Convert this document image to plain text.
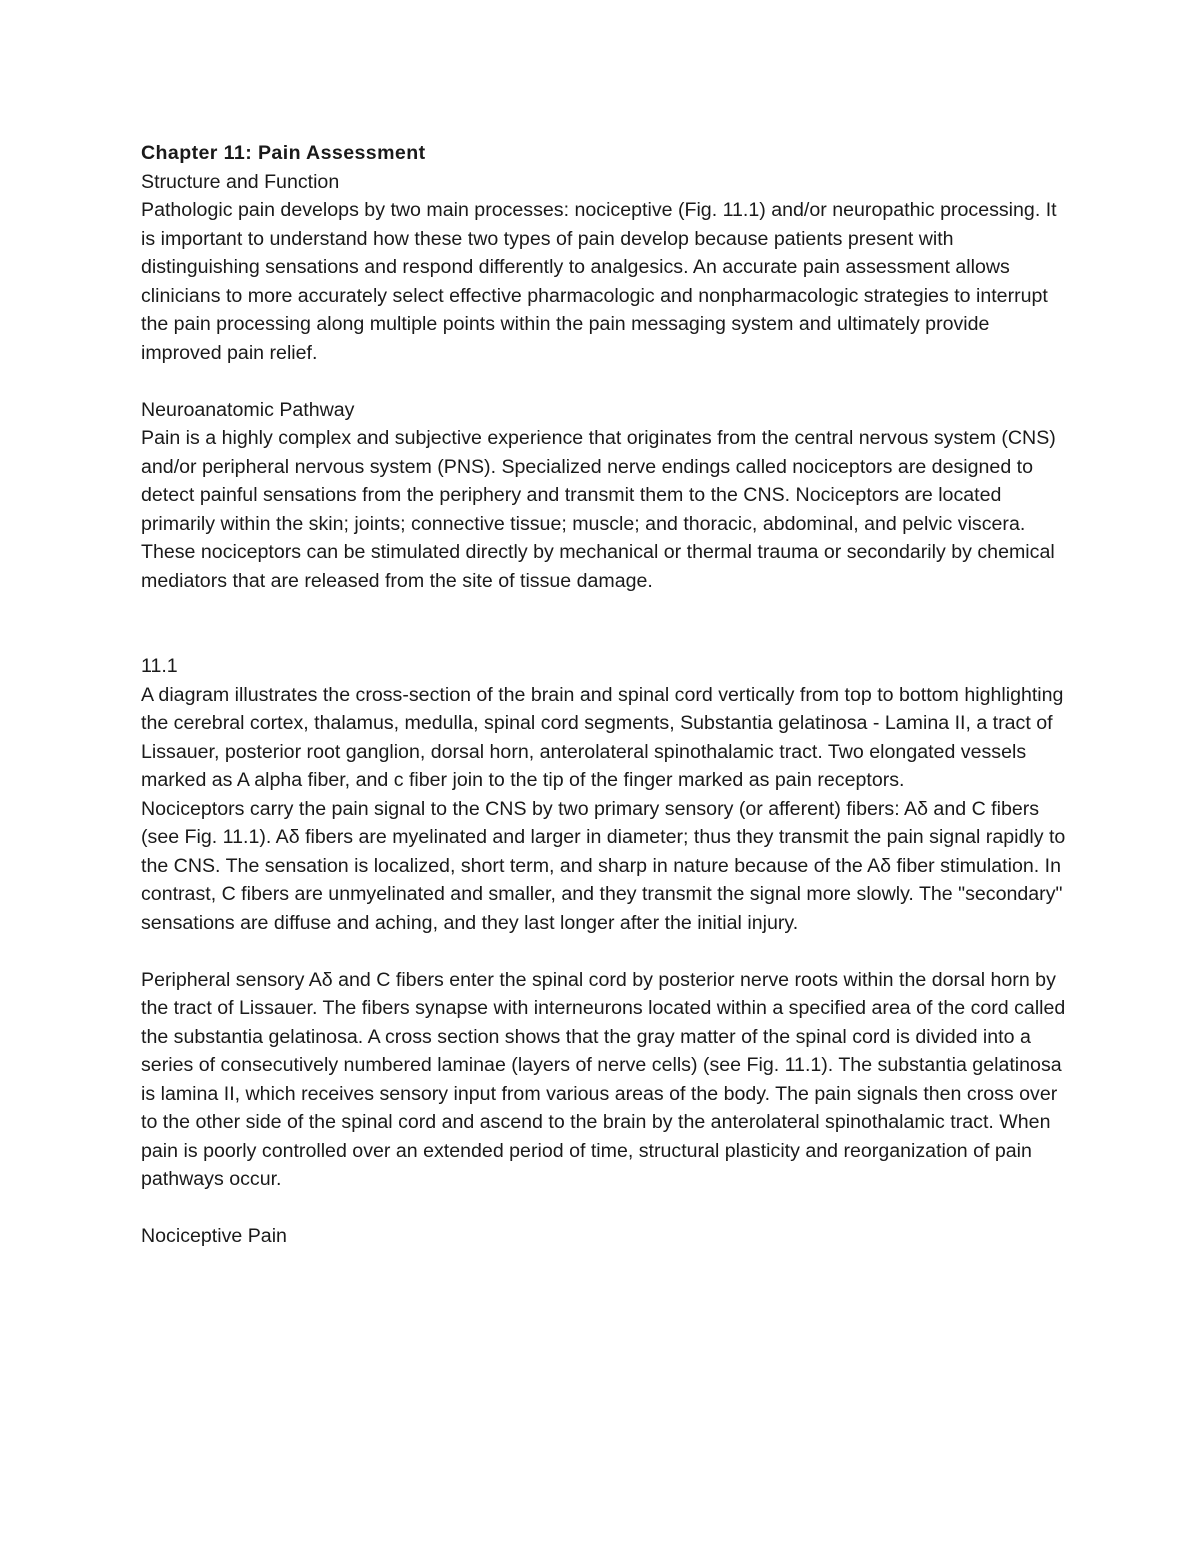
Chapter 11: Pain Assessment

Structure and Function

Pathologic pain develops by two main processes: nociceptive (Fig. 11.1) and/or neuropathic processing. It is important to understand how these two types of pain develop because patients present with distinguishing sensations and respond differently to analgesics. An accurate pain assessment allows clinicians to more accurately select effective pharmacologic and nonpharmacologic strategies to interrupt the pain processing along multiple points within the pain messaging system and ultimately provide improved pain relief.

Neuroanatomic Pathway

Pain is a highly complex and subjective experience that originates from the central nervous system (CNS) and/or peripheral nervous system (PNS). Specialized nerve endings called nociceptors are designed to detect painful sensations from the periphery and transmit them to the CNS. Nociceptors are located primarily within the skin; joints; connective tissue; muscle; and thoracic, abdominal, and pelvic viscera. These nociceptors can be stimulated directly by mechanical or thermal trauma or secondarily by chemical mediators that are released from the site of tissue damage.

11.1

A diagram illustrates the cross-section of the brain and spinal cord vertically from top to bottom highlighting the cerebral cortex, thalamus, medulla, spinal cord segments, Substantia gelatinosa - Lamina II, a tract of Lissauer, posterior root ganglion, dorsal horn, anterolateral spinothalamic tract. Two elongated vessels marked as A alpha fiber, and c fiber join to the tip of the finger marked as pain receptors.

Nociceptors carry the pain signal to the CNS by two primary sensory (or afferent) fibers: Aδ and C fibers (see Fig. 11.1). Aδ fibers are myelinated and larger in diameter; thus they transmit the pain signal rapidly to the CNS. The sensation is localized, short term, and sharp in nature because of the Aδ fiber stimulation. In contrast, C fibers are unmyelinated and smaller, and they transmit the signal more slowly. The "secondary" sensations are diffuse and aching, and they last longer after the initial injury.

Peripheral sensory Aδ and C fibers enter the spinal cord by posterior nerve roots within the dorsal horn by the tract of Lissauer. The fibers synapse with interneurons located within a specified area of the cord called the substantia gelatinosa. A cross section shows that the gray matter of the spinal cord is divided into a series of consecutively numbered laminae (layers of nerve cells) (see Fig. 11.1). The substantia gelatinosa is lamina II, which receives sensory input from various areas of the body. The pain signals then cross over to the other side of the spinal cord and ascend to the brain by the anterolateral spinothalamic tract. When pain is poorly controlled over an extended period of time, structural plasticity and reorganization of pain pathways occur.

Nociceptive Pain
